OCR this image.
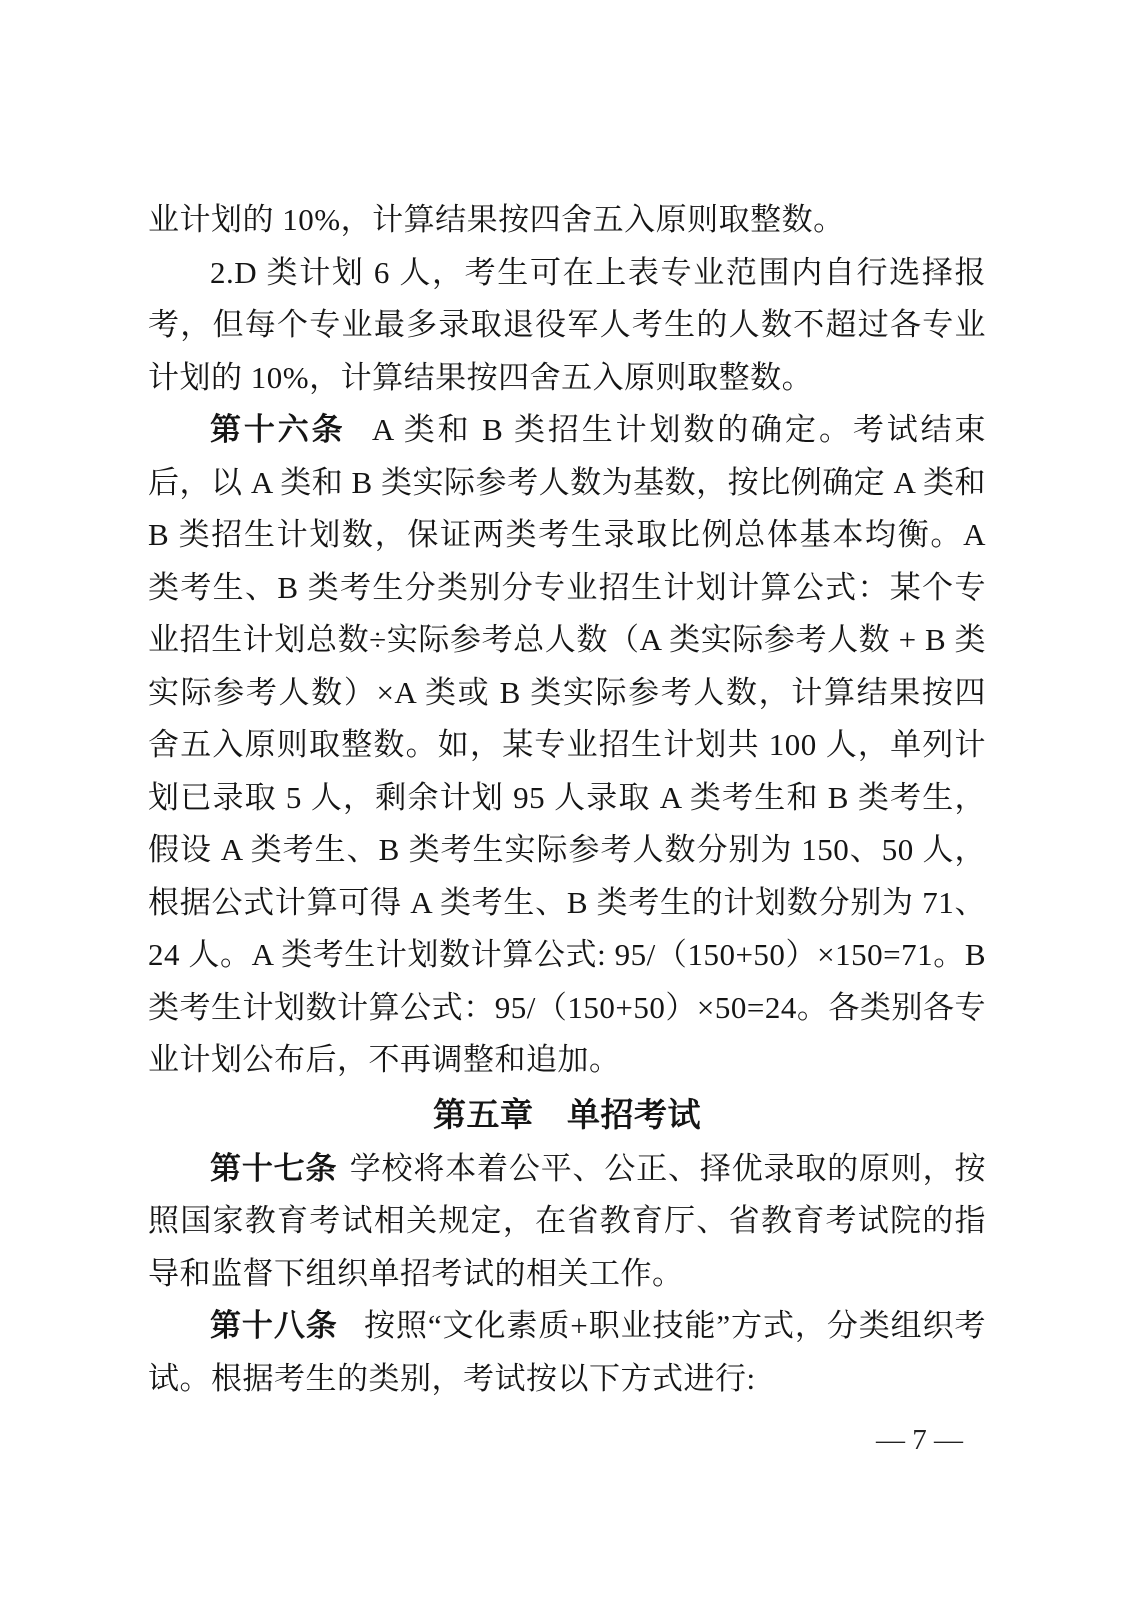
业计划的 10%，计算结果按四舍五入原则取整数。

2.D 类计划 6 人，考生可在上表专业范围内自行选择报考，但每个专业最多录取退役军人考生的人数不超过各专业计划的 10%，计算结果按四舍五入原则取整数。

第十六条 A 类和 B 类招生计划数的确定。考试结束后，以 A 类和 B 类实际参考人数为基数，按比例确定 A 类和 B 类招生计划数，保证两类考生录取比例总体基本均衡。A 类考生、B 类考生分类别分专业招生计划计算公式：某个专业招生计划总数÷实际参考总人数（A 类实际参考人数 + B 类实际参考人数）×A 类或 B 类实际参考人数，计算结果按四舍五入原则取整数。如，某专业招生计划共 100 人，单列计划已录取 5 人，剩余计划 95 人录取 A 类考生和 B 类考生，假设 A 类考生、B 类考生实际参考人数分别为 150、50 人，根据公式计算可得 A 类考生、B 类考生的计划数分别为 71、24 人。A 类考生计划数计算公式: 95/（150+50）×150=71。B 类考生计划数计算公式：95/（150+50）×50=24。各类别各专业计划公布后，不再调整和追加。

第五章　单招考试

第十七条 学校将本着公平、公正、择优录取的原则，按照国家教育考试相关规定，在省教育厅、省教育考试院的指导和监督下组织单招考试的相关工作。

第十八条 按照“文化素质+职业技能”方式，分类组织考试。根据考生的类别，考试按以下方式进行:

— 7 —
